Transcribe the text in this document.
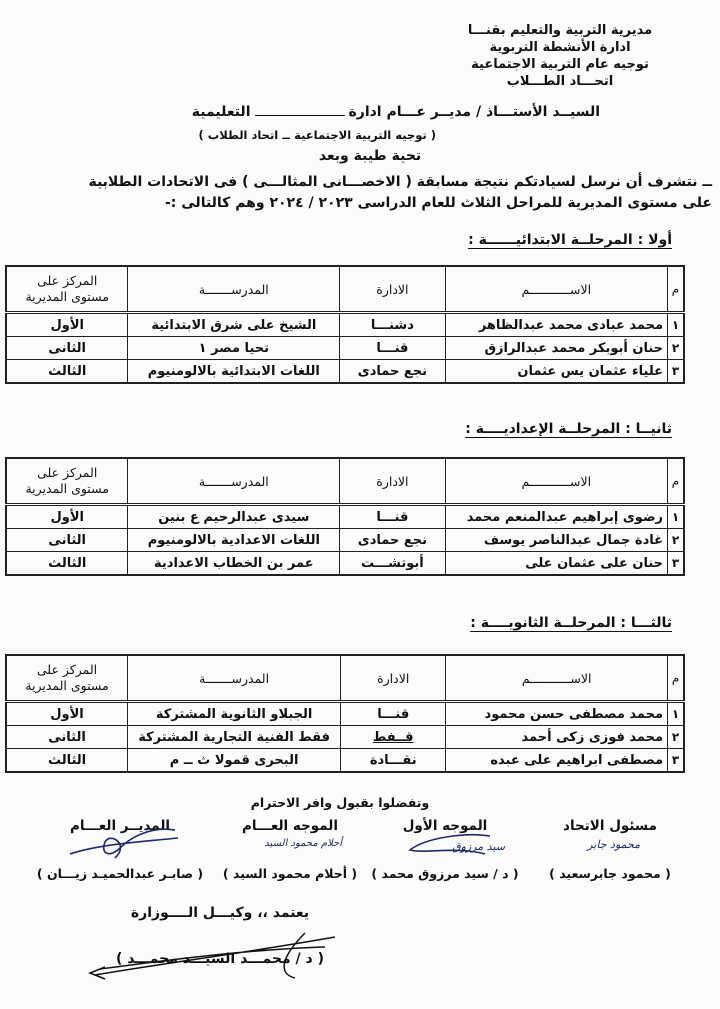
مديرية التربية والتعليم بقنـــا
ادارة الأنشطة التربوية
توجيه عام التربية الاجتماعية
اتحـــاد الطـــلاب
السيــد الأستـــاذ / مديــر عـــام ادارةالتعليمية
( توجيه التربية الاجتماعية ــ اتحاد الطلاب )
تحية طيبة وبعد
ــ نتشرف أن نرسل لسيادتكم نتيجة مسابقة ( الاخصـــانى المثالـــى ) فى الاتحادات الطلابية
على مستوى المديرية للمراحل الثلاث للعام الدراسى ٢٠٢٣ / ٢٠٢٤ وهم كالتالى :-
أولا : المرحلــة الابتدائيــــــة :
م	الاســـــــــــم	الادارة	المدرســـــــة	المركز على
مستوى المديرية

١	محمد عبادى محمد عبدالظاهر	دشنـــا	الشيخ على شرق الابتدائية	الأول
٢	حنان أبوبكر محمد عبدالرازق	قنـــا	تحيا مصر ١	الثانى
٣	علياء عثمان يس عثمان	نجع حمادى	اللغات الابتدائية بالالومنيوم	الثالث
ثانيــا : المرحلــة الإعداديــــة :
م	الاســـــــــــم	الادارة	المدرســـــــة	المركز على
مستوى المديرية

١	رضوى إبراهيم عبدالمنعم محمد	قنـــا	سيدى عبدالرحيم ع بنين	الأول
٢	غادة جمال عبدالناصر يوسف	نجع حمادى	اللغات الاعدادية بالالومنيوم	الثانى
٣	حنان على عثمان على	أبوتشـــت	عمر بن الخطاب الاعدادية	الثالث
ثالثـــا : المرحلــة الثانويــــة :
م	الاســـــــــــم	الادارة	المدرســـــــة	المركز على
مستوى المديرية

١	محمد مصطفى حسن محمود	قنـــا	الجبلاو الثانوية المشتركة	الأول
٢	محمد فوزى زكى أحمد	قــفط	فقط الفنية التجارية المشتركة	الثانى
٣	مصطفى ابراهيم على عبده	نقـــادة	البحرى قمولا ث ــ م	الثالث
وتفضلوا بقبول وافر الاحترام
مسئول الاتحاد
محمود جابر
( محمود جابرسعيد )
الموجه الأول
سيد مرزوق
( د / سيد مرزوق محمد )
الموجه العـــام
أحلام محمود السيد
( أحلام محمود السيد )
المديــر العـــام
( صابـر عبدالحميـد زيـــان )
يعتمد ،، وكيـــل الــــوزارة
( د / محمـــد السيـــد محمـــد )
